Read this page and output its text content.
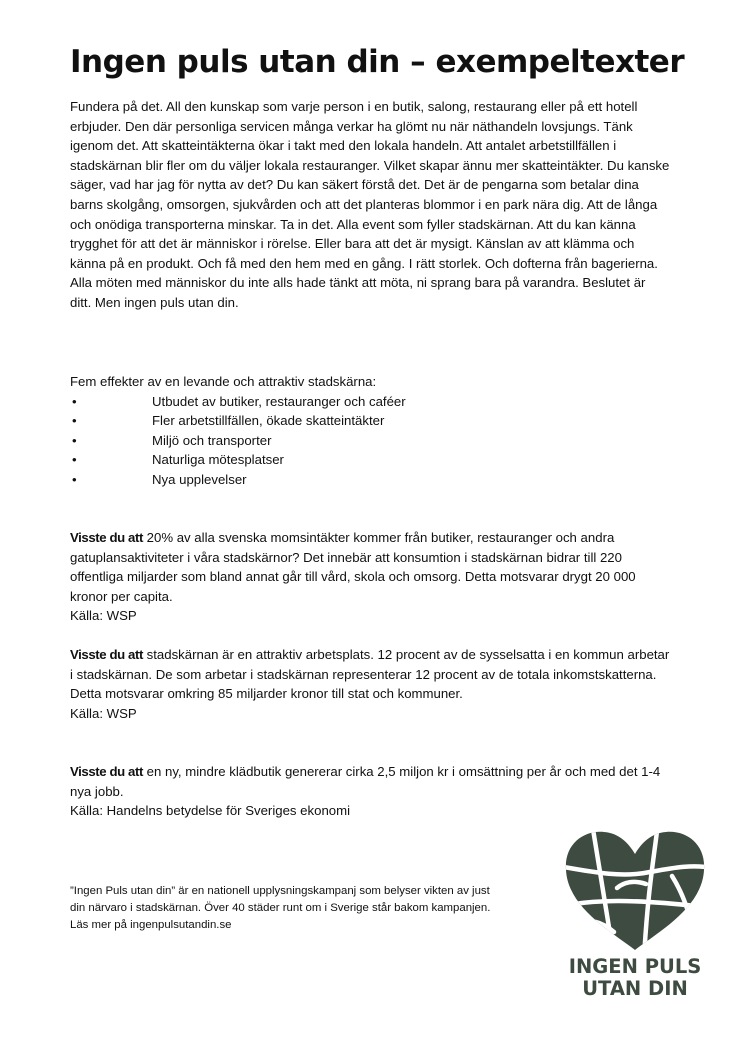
Ingen puls utan din – exempeltexter

Fundera på det. All den kunskap som varje person i en butik, salong, restaurang eller på ett hotell erbjuder. Den där personliga servicen många verkar ha glömt nu när näthandeln lovsjungs. Tänk igenom det. Att skatteintäkterna ökar i takt med den lokala handeln. Att antalet arbetstillfällen i stadskärnan blir fler om du väljer lokala restauranger. Vilket skapar ännu mer skatteintäkter. Du kanske säger, vad har jag för nytta av det? Du kan säkert förstå det. Det är de pengarna som betalar dina barns skolgång, omsorgen, sjukvården och att det planteras blommor i en park nära dig. Att de långa och onödiga transporterna minskar. Ta in det. Alla event som fyller stadskärnan. Att du kan känna trygghet för att det är människor i rörelse. Eller bara att det är mysigt. Känslan av att klämma och känna på en produkt. Och få med den hem med en gång. I rätt storlek. Och dofterna från bagerierna. Alla möten med människor du inte alls hade tänkt att möta, ni sprang bara på varandra. Beslutet är ditt. Men ingen puls utan din.

Fem effekter av en levande och attraktiv stadskärna:

•	Utbudet av butiker, restauranger och caféer
•	Fler arbetstillfällen, ökade skatteintäkter
•	Miljö och transporter
•	Naturliga mötesplatser
•	Nya upplevelser

Visste du att 20% av alla svenska momsintäkter kommer från butiker, restauranger och andra gatuplansaktiviteter i våra stadskärnor? Det innebär att konsumtion i stadskärnan bidrar till 220 offentliga miljarder som bland annat går till vård, skola och omsorg. Detta motsvarar drygt 20 000 kronor per capita.

Källa: WSP

Visste du att stadskärnan är en attraktiv arbetsplats. 12 procent av de sysselsatta i en kommun arbetar i stadskärnan. De som arbetar i stadskärnan representerar 12 procent av de totala inkomstskatterna. Detta motsvarar omkring 85 miljarder kronor till stat och kommuner.

Källa: WSP

Visste du att en ny, mindre klädbutik genererar cirka 2,5 miljon kr i omsättning per år och med det 1-4 nya jobb.

Källa: Handelns betydelse för Sveriges ekonomi

”Ingen Puls utan din” är en nationell upplysningskampanj som belyser vikten av just din närvaro i stadskärnan. Över 40 städer runt om i Sverige står bakom kampanjen. Läs mer på ingenpulsutandin.se

INGEN PULS
UTAN DIN
